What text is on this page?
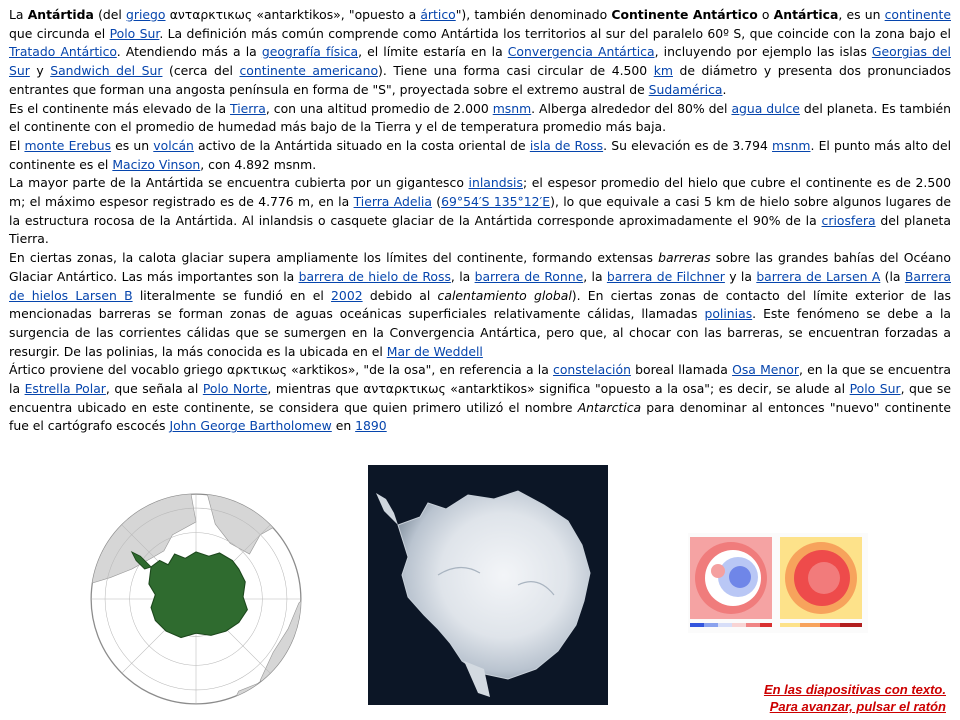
La Antártida (del griego ανταρκτικως «antarktikos», "opuesto a ártico"), también denominado Continente Antártico o Antártica, es un continente que circunda el Polo Sur. La definición más común comprende como Antártida los territorios al sur del paralelo 60º S, que coincide con la zona bajo el Tratado Antártico. Atendiendo más a la geografía física, el límite estaría en la Convergencia Antártica, incluyendo por ejemplo las islas Georgias del Sur y Sandwich del Sur (cerca del continente americano). Tiene una forma casi circular de 4.500 km de diámetro y presenta dos pronunciados entrantes que forman una angosta península en forma de "S", proyectada sobre el extremo austral de Sudamérica.

Es el continente más elevado de la Tierra, con una altitud promedio de 2.000 msnm. Alberga alrededor del 80% del agua dulce del planeta. Es también el continente con el promedio de humedad más bajo de la Tierra y el de temperatura promedio más baja.

El monte Erebus es un volcán activo de la Antártida situado en la costa oriental de isla de Ross. Su elevación es de 3.794 msnm. El punto más alto del continente es el Macizo Vinson, con 4.892 msnm.

La mayor parte de la Antártida se encuentra cubierta por un gigantesco inlandsis; el espesor promedio del hielo que cubre el continente es de 2.500 m; el máximo espesor registrado es de 4.776 m, en la Tierra Adelia (69°54′S 135°12′E), lo que equivale a casi 5 km de hielo sobre algunos lugares de la estructura rocosa de la Antártida. Al inlandsis o casquete glaciar de la Antártida corresponde aproximadamente el 90% de la criosfera del planeta Tierra.

En ciertas zonas, la calota glaciar supera ampliamente los límites del continente, formando extensas barreras sobre las grandes bahías del Océano Glaciar Antártico. Las más importantes son la barrera de hielo de Ross, la barrera de Ronne, la barrera de Filchner y la barrera de Larsen A (la Barrera de hielos Larsen B literalmente se fundió en el 2002 debido al calentamiento global). En ciertas zonas de contacto del límite exterior de las mencionadas barreras se forman zonas de aguas oceánicas superficiales relativamente cálidas, llamadas polinias. Este fenómeno se debe a la surgencia de las corrientes cálidas que se sumergen en la Convergencia Antártica, pero que, al chocar con las barreras, se encuentran forzadas a resurgir. De las polinias, la más conocida es la ubicada en el Mar de Weddell

Ártico proviene del vocablo griego αρκτικως «arktikos», "de la osa", en referencia a la constelación boreal llamada Osa Menor, en la que se encuentra la Estrella Polar, que señala al Polo Norte, mientras que ανταρκτικως «antarktikos» significa "opuesto a la osa"; es decir, se alude al Polo Sur, que se encuentra ubicado en este continente, se considera que quien primero utilizó el nombre Antarctica para denominar al entonces "nuevo" continente fue el cartógrafo escocés John George Bartholomew en 1890

En las diapositivas con texto.
Para avanzar, pulsar el ratón
